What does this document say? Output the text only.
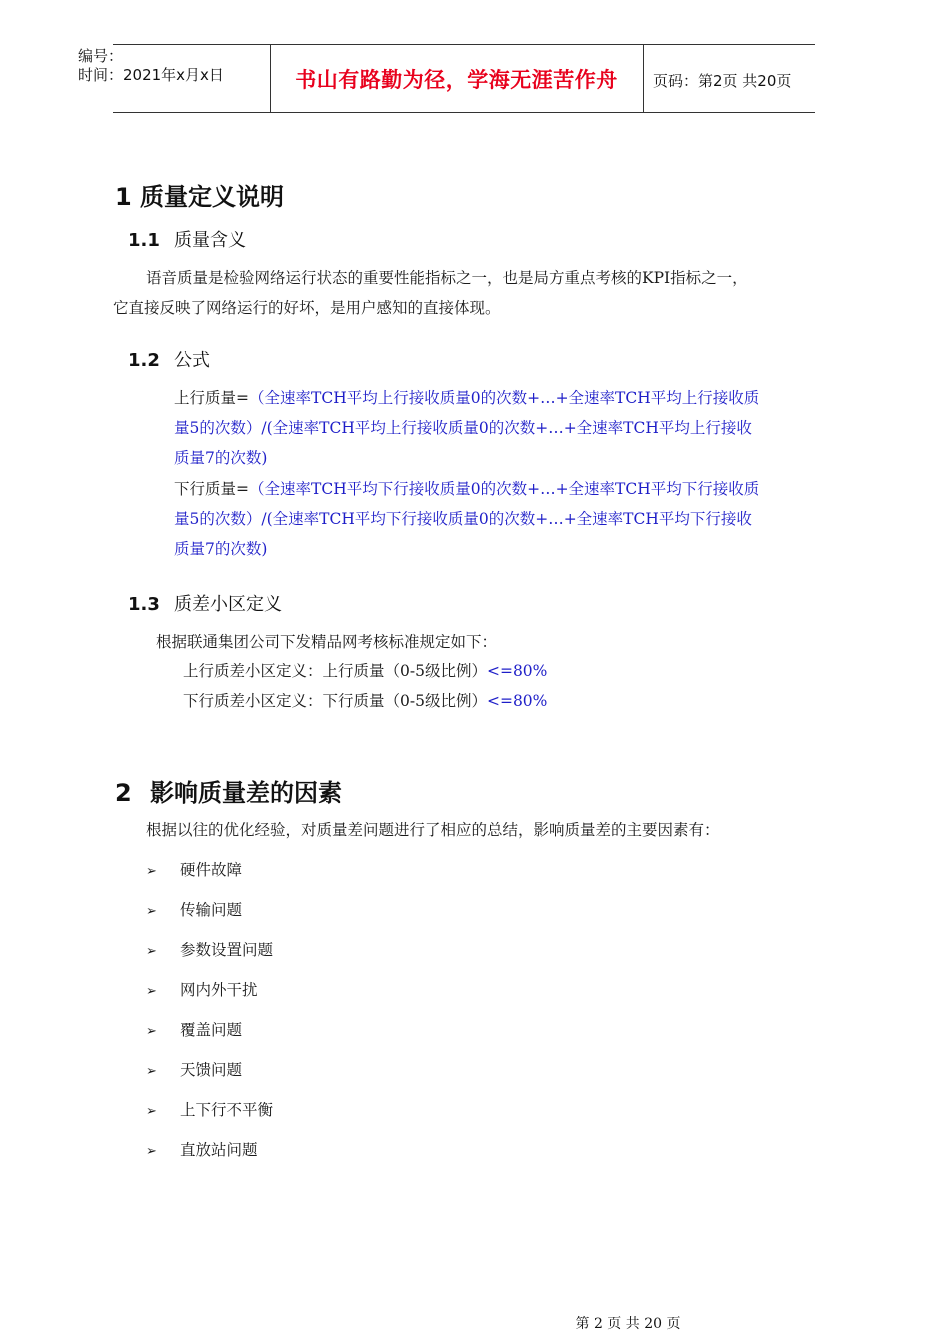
编号：
时间：2021年x月x日	书山有路勤为径，学海无涯苦作舟	页码：第2页 共20页
1 质量定义说明
1.1 质量含义
语音质量是检验网络运行状态的重要性能指标之一，也是局方重点考核的KPI指标之一，
它直接反映了网络运行的好坏，是用户感知的直接体现。
1.2 公式
上行质量=（全速率TCH平均上行接收质量0的次数+…+全速率TCH平均上行接收质
量5的次数）/(全速率TCH平均上行接收质量0的次数+…+全速率TCH平均上行接收
质量7的次数)
下行质量=（全速率TCH平均下行接收质量0的次数+…+全速率TCH平均下行接收质
量5的次数）/(全速率TCH平均下行接收质量0的次数+…+全速率TCH平均下行接收
质量7的次数)
1.3 质差小区定义
根据联通集团公司下发精品网考核标准规定如下：
上行质差小区定义：上行质量（0-5级比例）<=80%
下行质差小区定义：下行质量（0-5级比例）<=80%
2 影响质量差的因素
根据以往的优化经验，对质量差问题进行了相应的总结，影响质量差的主要因素有：
➢ 硬件故障
➢ 传输问题
➢ 参数设置问题
➢ 网内外干扰
➢ 覆盖问题
➢ 天馈问题
➢ 上下行不平衡
➢ 直放站问题
第 2 页 共 20 页
